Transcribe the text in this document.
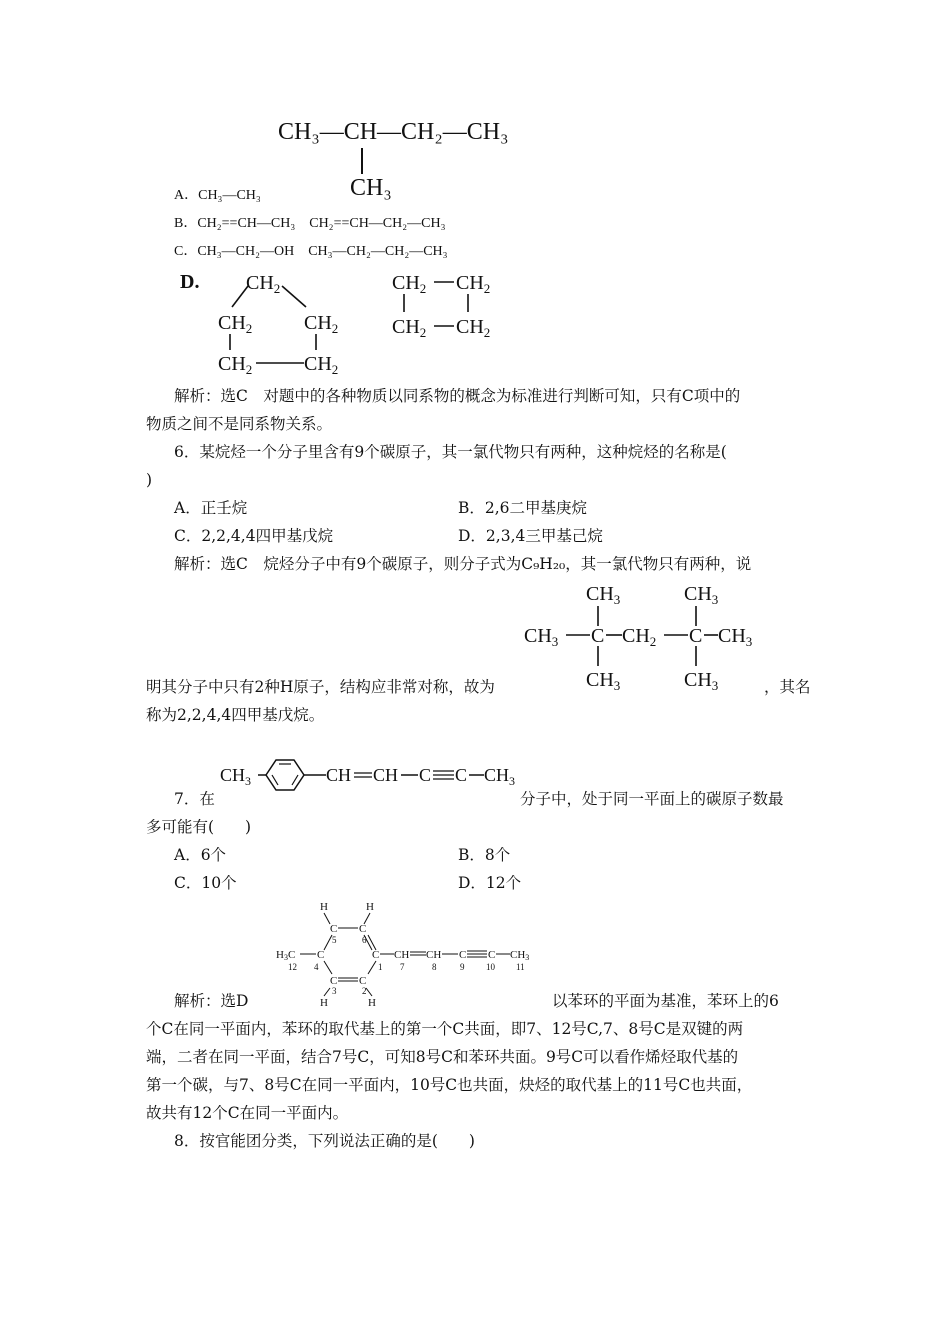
CH₃—CH—CH₂—CH₃
CH₃
A．CH₃—CH₃
B．CH₂==CH—CH₃　CH₂==CH—CH₂—CH₃
C．CH₃—CH₂—OH　CH₃—CH₂—CH₂—CH₃
D. $CH_2$
$CH_2$	$CH_2$
$CH_2$	$CH_2$
$CH_2$ $CH_2$
$CH_2$ $CH_2$
解析：选C　对题中的各种物质以同系物的概念为标准进行判断可知，只有C项中的
物质之间不是同系物关系。
6．某烷烃一个分子里含有9个碳原子，其一氯代物只有两种，这种烷烃的名称是(
)
A．正壬烷	B．2,6二甲基庚烷
C．2,2,4,4四甲基戊烷	D．2,3,4三甲基己烷
解析：选C　烷烃分子中有9个碳原子，则分子式为C₉H₂₀，其一氯代物只有两种，说
$CH_3$	$CH_3$
$CH_3$ C $CH_2$ C $CH_3$
$CH_3$	$CH_3$
明其分子中只有2种H原子，结构应非常对称，故为	，其名
称为2,2,4,4四甲基戊烷。
$CH_3$	CH CH C C $CH_3$
7．在	分子中，处于同一平面上的碳原子数最
多可能有(　　)
A．6个	B．8个
C．10个	D．12个
H	H
C C
5	6
H3C C	C
12 4	1
C C
3	2
H	H
CH
7
CH
8
C
9
C
10
CH3
11
解析：选D	以苯环的平面为基准，苯环上的6
个C在同一平面内，苯环的取代基上的第一个C共面，即7、12号C,7、8号C是双键的两
端，二者在同一平面，结合7号C，可知8号C和苯环共面。9号C可以看作烯烃取代基的
第一个碳，与7、8号C在同一平面内，10号C也共面，炔烃的取代基上的11号C也共面，
故共有12个C在同一平面内。
8．按官能团分类，下列说法正确的是(　　)
